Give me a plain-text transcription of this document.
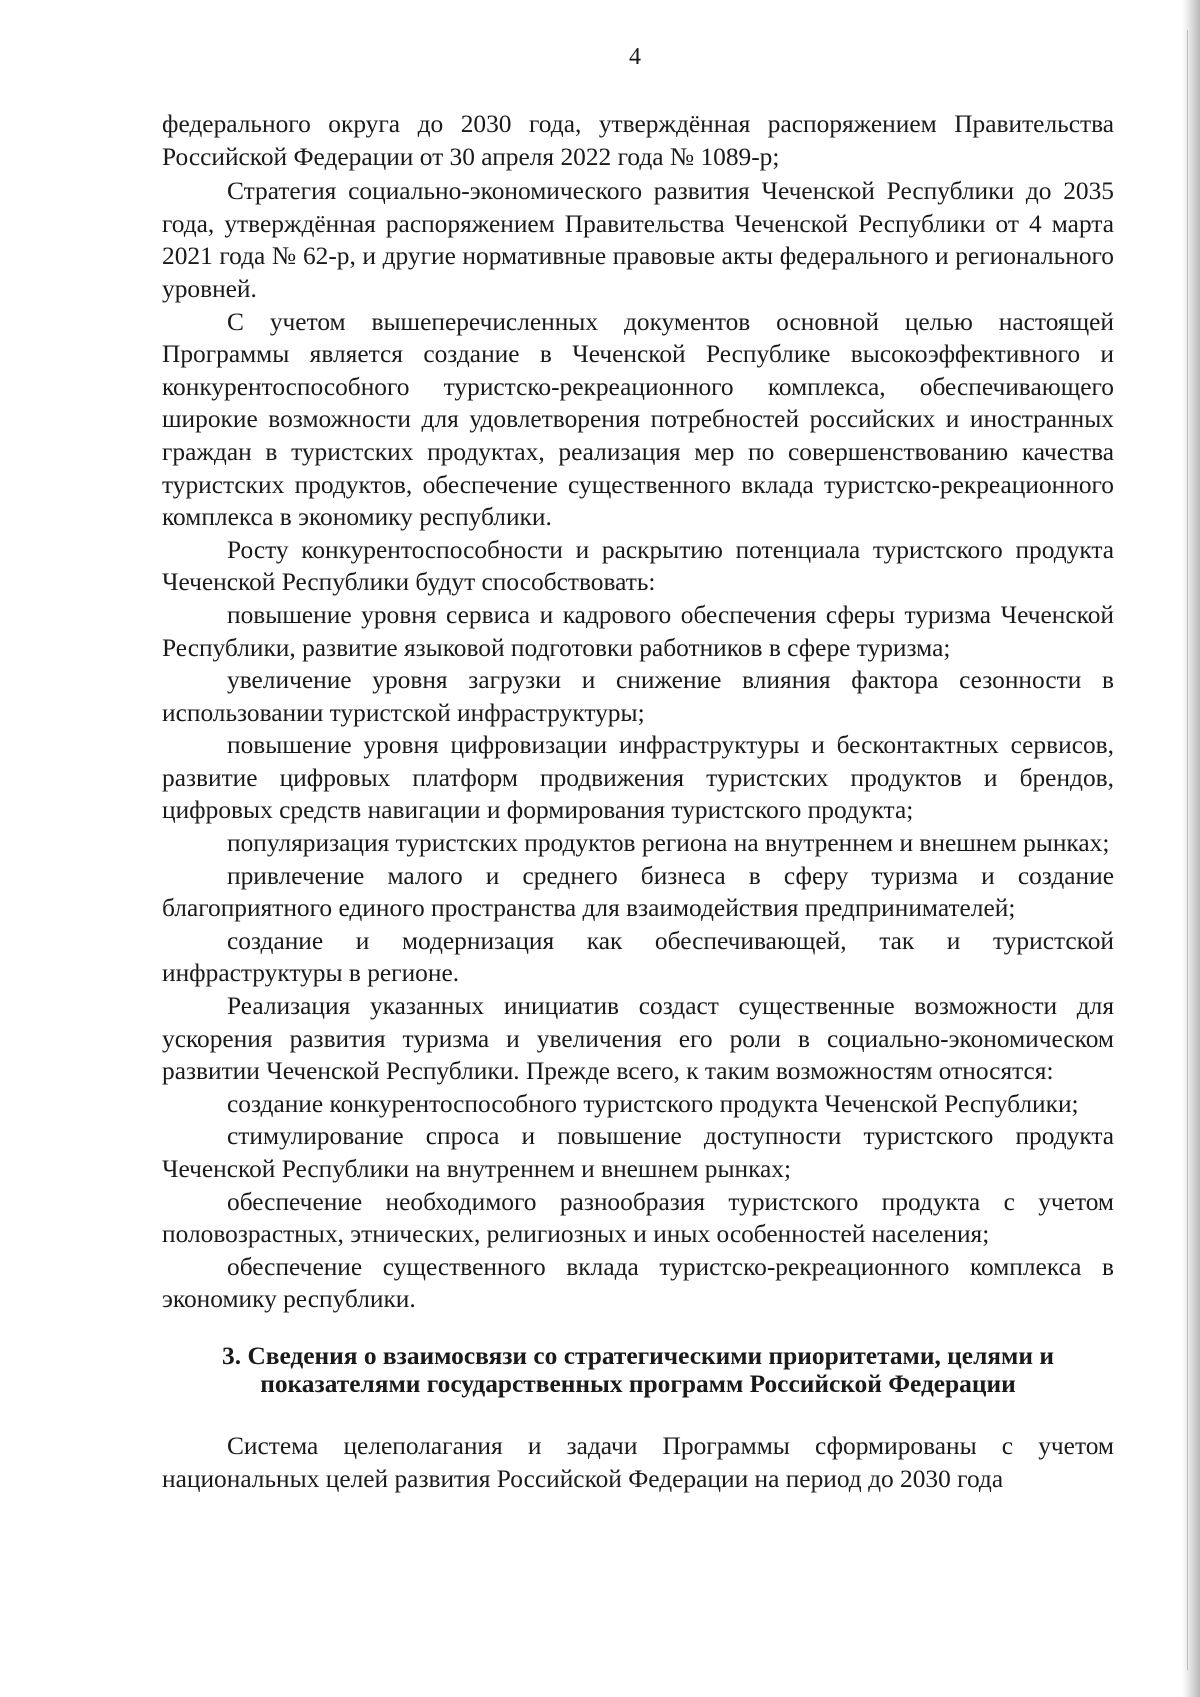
4

федерального округа до 2030 года, утверждённая распоряжением Правительства Российской Федерации от 30 апреля 2022 года № 1089-р;

Стратегия социально-экономического развития Чеченской Республики до 2035 года, утверждённая распоряжением Правительства Чеченской Республики от 4 марта 2021 года № 62-р, и другие нормативные правовые акты федерального и регионального уровней.

С учетом вышеперечисленных документов основной целью настоящей Программы является создание в Чеченской Республике высокоэффективного и конкурентоспособного туристско-рекреационного комплекса, обеспечивающего широкие возможности для удовлетворения потребностей российских и иностранных граждан в туристских продуктах, реализация мер по совершенствованию качества туристских продуктов, обеспечение существенного вклада туристско-рекреационного комплекса в экономику республики.

Росту конкурентоспособности и раскрытию потенциала туристского продукта Чеченской Республики будут способствовать:

повышение уровня сервиса и кадрового обеспечения сферы туризма Чеченской Республики, развитие языковой подготовки работников в сфере туризма;

увеличение уровня загрузки и снижение влияния фактора сезонности в использовании туристской инфраструктуры;

повышение уровня цифровизации инфраструктуры и бесконтактных сервисов, развитие цифровых платформ продвижения туристских продуктов и брендов, цифровых средств навигации и формирования туристского продукта;

популяризация туристских продуктов региона на внутреннем и внешнем рынках;

привлечение малого и среднего бизнеса в сферу туризма и создание благоприятного единого пространства для взаимодействия предпринимателей;

создание и модернизация как обеспечивающей, так и туристской инфраструктуры в регионе.

Реализация указанных инициатив создаст существенные возможности для ускорения развития туризма и увеличения его роли в социально-экономическом развитии Чеченской Республики. Прежде всего, к таким возможностям относятся:

создание конкурентоспособного туристского продукта Чеченской Республики;

стимулирование спроса и повышение доступности туристского продукта Чеченской Республики на внутреннем и внешнем рынках;

обеспечение необходимого разнообразия туристского продукта с учетом половозрастных, этнических, религиозных и иных особенностей населения;

обеспечение существенного вклада туристско-рекреационного комплекса в экономику республики.

3. Сведения о взаимосвязи со стратегическими приоритетами, целями и показателями государственных программ Российской Федерации

Система целеполагания и задачи Программы сформированы с учетом национальных целей развития Российской Федерации на период до 2030 года
